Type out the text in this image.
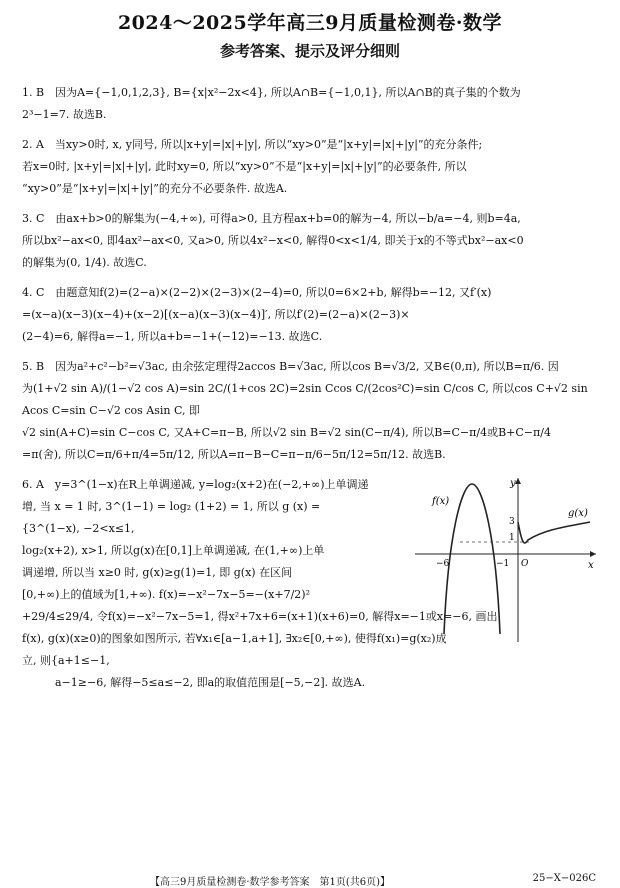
2024～2025学年高三9月质量检测卷·数学
参考答案、提示及评分细则
1. B　因为A={−1,0,1,2,3}, B={x|x²−2x<4}, 所以A∩B={−1,0,1}, 所以A∩B的真子集的个数为
2³−1=7. 故选B.
2. A　当xy>0时, x, y同号, 所以|x+y|=|x|+|y|, 所以“xy>0”是“|x+y|=|x|+|y|”的充分条件;
若x=0时, |x+y|=|x|+|y|, 此时xy=0, 所以“xy>0”不是“|x+y|=|x|+|y|”的必要条件, 所以
“xy>0”是“|x+y|=|x|+|y|”的充分不必要条件. 故选A.
3. C　由ax+b>0的解集为(−4,+∞), 可得a>0, 且方程ax+b=0的解为−4, 所以−b/a=−4, 则b=4a,
所以bx²−ax<0, 即4ax²−ax<0, 又a>0, 所以4x²−x<0, 解得0<x<1/4, 即关于x的不等式bx²−ax<0
的解集为(0, 1/4). 故选C.
4. C　由题意知f(2)=(2−a)×(2−2)×(2−3)×(2−4)=0, 所以0=6×2+b, 解得b=−12, 又f′(x)
=(x−a)(x−3)(x−4)+(x−2)[(x−a)(x−3)(x−4)]′, 所以f′(2)=(2−a)×(2−3)×
(2−4)=6, 解得a=−1, 所以a+b=−1+(−12)=−13. 故选C.
5. B　因为a²+c²−b²=√3ac, 由余弦定理得2accos B=√3ac, 所以cos B=√3/2, 又B∈(0,π), 所以B=π/6. 因
为(1+√2 sin A)/(1−√2 cos A)=sin 2C/(1+cos 2C)=2sin Ccos C/(2cos²C)=sin C/cos C, 所以cos C+√2 sin Acos C=sin C−√2 cos Asin C, 即
√2 sin(A+C)=sin C−cos C, 又A+C=π−B, 所以√2 sin B=√2 sin(C−π/4), 所以B=C−π/4或B+C−π/4
=π(舍), 所以C=π/6+π/4=5π/12, 所以A=π−B−C=π−π/6−5π/12=5π/12. 故选B.
6. A　y=3^(1−x)在R上单调递减, y=log₂(x+2)在(−2,+∞)上单调递
增, 当 x = 1 时, 3^(1−1) = log₂ (1+2) = 1, 所以 g (x) =
{3^(1−x), −2<x≤1,
log₂(x+2), x>1, 所以g(x)在[0,1]上单调递减, 在(1,+∞)上单
调递增, 所以当 x≥0 时, g(x)≥g(1)=1, 即 g(x) 在区间
[0,+∞)上的值域为[1,+∞). f(x)=−x²−7x−5=−(x+7/2)²
y
x
f(x)
g(x)
3
1
−6	−1 O
+29/4≤29/4, 令f(x)=−x²−7x−5=1, 得x²+7x+6=(x+1)(x+6)=0, 解得x=−1或x=−6, 画出
f(x), g(x)(x≥0)的图象如图所示, 若∀x₁∈[a−1,a+1], ∃x₂∈[0,+∞), 使得f(x₁)=g(x₂)成
立, 则{a+1≤−1,
　　　a−1≥−6, 解得−5≤a≤−2, 即a的取值范围是[−5,−2]. 故选A.
【高三9月质量检测卷·数学参考答案　第1页(共6页)】	25−X−026C
